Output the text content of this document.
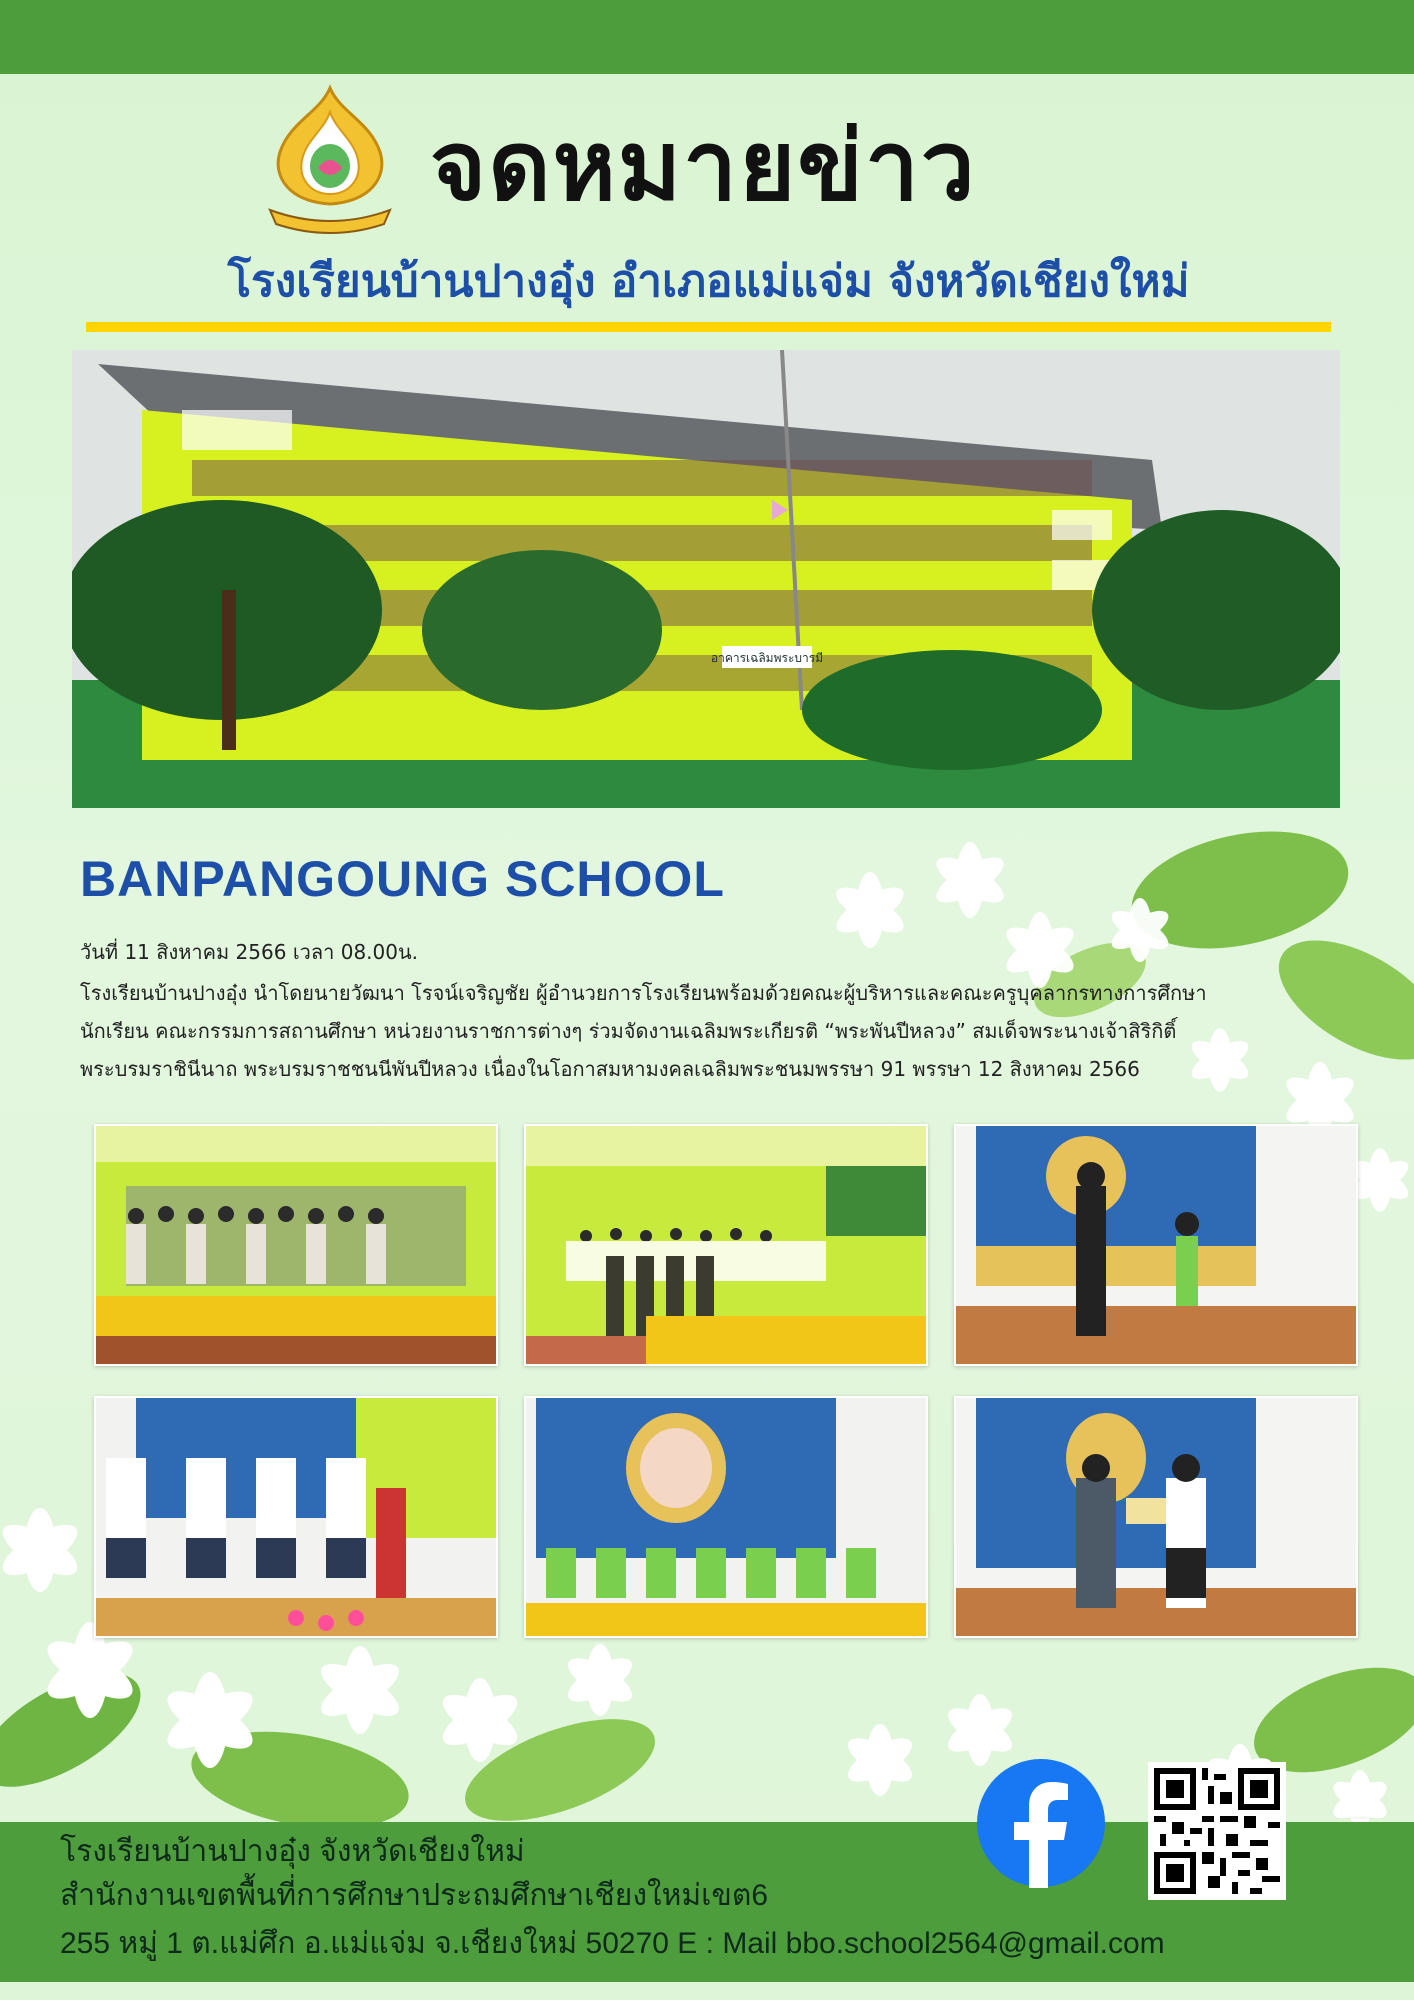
จดหมายข่าว
โรงเรียนบ้านปางอุ๋ง อำเภอแม่แจ่ม จังหวัดเชียงใหม่
อาคารเฉลิมพระบารมี
BANPANGOUNG SCHOOL
วันที่ 11 สิงหาคม 2566 เวลา 08.00น.

โรงเรียนบ้านปางอุ๋ง นำโดยนายวัฒนา โรจน์เจริญชัย ผู้อำนวยการโรงเรียนพร้อมด้วยคณะผู้บริหารและคณะครูบุคลากรทางการศึกษา

นักเรียน คณะกรรมการสถานศึกษา หน่วยงานราชการต่างๆ ร่วมจัดงานเฉลิมพระเกียรติ “พระพันปีหลวง” สมเด็จพระนางเจ้าสิริกิติ์

พระบรมราชินีนาถ พระบรมราชชนนีพันปีหลวง เนื่องในโอกาสมหามงคลเฉลิมพระชนมพรรษา 91 พรรษา 12 สิงหาคม 2566

โรงเรียนบ้านปางอุ๋ง จังหวัดเชียงใหม่
สำนักงานเขตพื้นที่การศึกษาประถมศึกษาเชียงใหม่เขต6
255 หมู่ 1 ต.แม่ศึก อ.แม่แจ่ม จ.เชียงใหม่ 50270 E : Mail bbo.school2564@gmail.com
